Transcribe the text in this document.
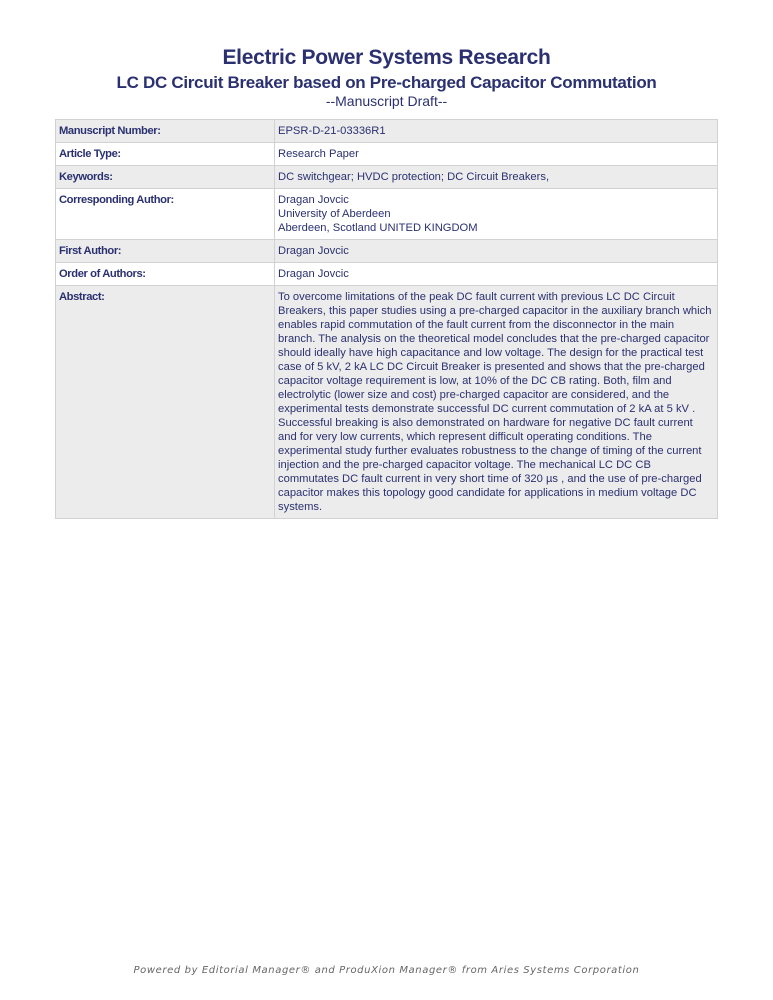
Electric Power Systems Research
LC DC Circuit Breaker based on Pre-charged Capacitor Commutation
--Manuscript Draft--
Manuscript Number:	EPSR-D-21-03336R1
Article Type:	Research Paper
Keywords:	DC switchgear; HVDC protection; DC Circuit Breakers,
Corresponding Author:	Dragan Jovcic
University of Aberdeen
Aberdeen, Scotland UNITED KINGDOM

First Author:	Dragan Jovcic
Order of Authors:	Dragan Jovcic
Abstract:	To overcome limitations of the peak DC fault current with previous LC DC Circuit Breakers, this paper studies using a pre-charged capacitor in the auxiliary branch which enables rapid commutation of the fault current from the disconnector in the main branch. The analysis on the theoretical model concludes that the pre-charged capacitor should ideally have high capacitance and low voltage. The design for the practical test case of 5 kV, 2 kA LC DC Circuit Breaker is presented and shows that the pre-charged capacitor voltage requirement is low, at 10% of the DC CB rating. Both, film and electrolytic (lower size and cost) pre-charged capacitor are considered, and the experimental tests demonstrate successful DC current commutation of 2 kA at 5 kV . Successful breaking is also demonstrated on hardware for negative DC fault current and for very low currents, which represent difficult operating conditions. The experimental study further evaluates robustness to the change of timing of the current injection and the pre-charged capacitor voltage. The mechanical LC DC CB commutates DC fault current in very short time of 320 µs , and the use of pre-charged capacitor makes this topology good candidate for applications in medium voltage DC systems.
Powered by Editorial Manager® and ProduXion Manager® from Aries Systems Corporation
